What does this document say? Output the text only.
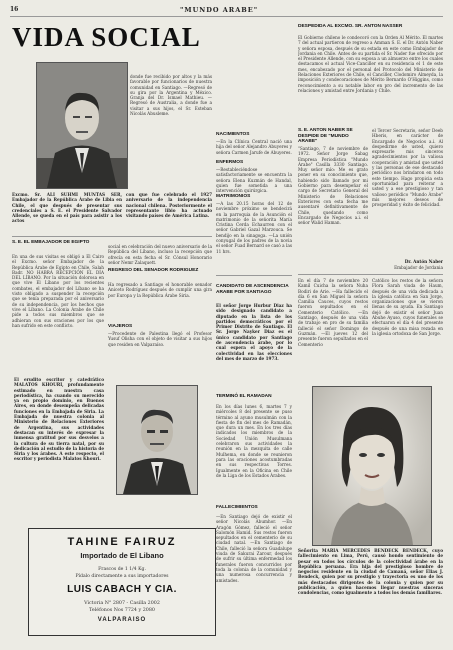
16	"MUNDO ARABE"
VIDA SOCIAL
donde fue recibido por altos y la más favorable por funcionarios de nuestra comunidad en Santiago. —Regresó de su gira por la Argentina y México. Granja del Dr. Ismael Mathieu. —Regresó de Australia, a donde fue a visitar a sus hijos, el Sr. Esteban Nicolás Abusleme.
Excmo. Sr. ALI SUHMI MUNTAS SER, Embajador de la República Árabe de Libia en Chile, el que después de presentar sus credenciales a S. E. el Presidente Salvador Allende, se queda en el país para asistir a los actos
con que fue celebrado el 1927 aniversario de la independencia nacional chilena. Posteriormente el representante libio ha actuado visitando países de América Latina.
S. E. EL EMBAJADOR DE EGIPTO
En una de sus visitas es obligó a El Cairo el Excmo. señor Embajador de la República Árabe de Egipto en Chile, Salah Badr. NO HABRÁ RECEPCIÓN EL DÍA DEL LÍBANO. Por la situación dolorosa en que vive El Líbano por los recientes combates, el embajador del Líbano se ha visto obligado a suspender la recepción que se tenía preparada por el aniversario de su independencia, por los hechos que vive el Líbano. La Colonia Árabe de Chile pide a todos sus miembros que se adhieran con sus oraciones por los que han sufrido en este conflicto.
El erudito escritor y catedrático MALATOS KHOURI, profundamente estimado en nuestra casa periodística, ha cuando su merecido ya en propio dominio, en Buenos Aires, en donde desempeña delicadas funciones en la Embajada de Siria. La Embajada de nuestra colonia al Ministerio de Relaciones Exteriores de Argentina, sus actividades destacan su interés de expresar la inmensa gratitud por sus desvelos a la cultura de su tierra natal, por su dedicación al estudio de la historia de Siria y los árabes. A este respecto, el escritor y periodista Malatos Khouri.
social en celebración del nuevo aniversario de la República del Líbano, incluso la recepción que ofrecía en esta fecha el Sr. Cónsul Honorario señor Nemr Zalaquett.
REGRESO DEL SENADOR RODRIGUEZ
Ha regresado a Santiago el honorable senador Aniceto Rodríguez después de cumplir una gira por Europa y la República Árabe Siria.
VIAJEROS
—Procedente de Palestina llegó el Profesor Yusuf Olisha con el objeto de visitar a sus hijos que residen en Valparaíso.
TAHINE FAIRUZ
Importado de El Libano
Frascos de 1 1/4 Kg.
Pídalo directamente a sus importadores
LUIS CABACH Y CIA.
Victoria N° 2807 - Casilla 2002
Teléfonos Nos 7724 y 2080
VALPARAISO
NACIMIENTOS
—En la Clínica Central nació una hija del señor Alejandro Abuyeres y señora Carmen Jarufe de Abuyeres.
ENFERMOS
—Restableciéndose satisfactoriamente se encuentra la señora Elena Kuzmán de Handal, quien fue sometida a una intervención quirúrgica.
MATRIMONIOS
—A las 20.15 horas del 12 de noviembre próximo se bendecirá en la parroquia de la Asunción el matrimonio de la señorita María Cristina Cerda Echaurren con el señor Gabriel Gazal Marzouca. Se bendijo en la sinagoga. —La unión conyugal de los padres de la novia el señor Fuad Bernard se casó a las 11 hrs.
CANDIDATO DE ASCENDENCIA ARABE POR SANTIAGO
El señor Jorge Hurbur Diaz ha sido designado candidato a diputado en la lista de los partidos democráticos por el Primer Distrito de Santiago. El Sr. Jorge Nayker Diaz es el único candidato por Santiago de ascendencia árabe, por lo cual espera el apoyo de la colectividad en las elecciones del mes de marzo de 1973.
TERMINÓ EL RAMADAN
En los días lunes 6, martes 7 y miércoles 8 del presente se puso término al ayuno musulmán con la fiesta de fin del mes de Ramadán, que dura un mes. En los tres días indicados los miembros de la Sociedad Unión Musulmana celebraron sus actividades la reunión en la mezquita de calle Mulhema, en donde se reunieron para las oraciones acostumbradas en sus respectivas Torres. Igualmente en la Oficina en Chile de la Liga de los Estados Árabes.
FALLECIMIENTOS
—En Santiago dejó de existir el señor Nicolás Abumhor. —En Aragón Gómez, falleció el señor Salomón Hamid. Sus restos fueron sepultados en el cementerio de su ciudad natal. —En Santiago de Chile, falleció la señora Guadalupe viuda de Sakurai Zarour, después de sufrir su última enfermedad los funerales fueron concurridos por toda la colonia de la comunidad y una numerosa concurrencia y amistades.
DESPEDIDA AL EXCMO. SR. ANTON NASSER
El Gobierno chileno le condecoró con la Orden Al Mérito. El martes 7 del actual partieron de regreso a Amman S. E. el Dr. Antón Naber y señora esposa, después de su estada en este como Embajador de Jordania en Chile. Antes de su partida el Sr. Nader fue ofrecido por el Presidente Allende, con su esposa a un almuerzo entre los cuales destacamos el actual Vice-Canciller en su residencia el 1 de este mes, encabezado por el personal del Protocolo del Ministerio de Relaciones Exteriores de Chile, el Canciller, Clodomiro Almeyda, la imposición y condecoraciones de Mérito Bernardo O'Higgins, como reconocimiento a su notable labor en pro del incremento de las relaciones y amistad entre Jordania y Chile.
S. E. ANTON NABER SE DESPIDE DE "MUNDO ARABE"
"Santiago, 7 de noviembre de 1972. Señor Jorge Sabag Empresa Periodística "Mundo Árabe" Casilla 3330 Santiago. Muy señor mío: Me es grato poner en su conocimiento que, habiendo sido llamado por mi Gobierno para desempeñar el cargo de Secretario General del Ministerio de Relaciones Exteriores con esta fecha me ausentaré definitivamente de Chile, quedando como Encargado de Negocios a.i. el señor Walid Haman.
el Tercer Secretario, señor Deeb Hberis, en carácter de Encargado de Negocios a.i. Al despedirme de usted, quiero expresarle mis sinceros agradecimientos por la valiosa cooperación y amistad que usted y las personas de ese destacado periódico nos brindaron en todo este tiempo. Hago propicia esta oportunidad para reiterar a usted y a ese prestigioso y tan valioso periódico "Mundo Árabe" mis mejores deseos de prosperidad y éxito de felicidad.
Dr. Antón Naber
Embajador de Jordania
En el día 7 de noviembre 20 Kamil Cuicha la señora Nuha Bodiri de Arie. —Ha fallecido el día 6 en San Miguel la señora Camilia Cauces, cuyos restos fueron sepultados en el Cementerio Católico. —En Santiago, después de una vida de trabajo en pro de su familia falleció el señor Domingo de Guzmán. —El jueves 12 del presente fueron sepultados en el Cementerio
Católico los restos de la señora Flora Sarah viuda de Haum, después de una vida dedicada a la iglesia católica en San Jorge, organizaciones que se vieron llenas de su ayuda. En Santiago dejó de existir el señor Juan Abuhe Ayuso, cuyos funerales se efectuaron el día 4 del presente después de una misa rezada en la iglesia ortodoxa de San Jorge.
Señorita MARIA MERCEDES BENDECK BENDECK, cuyo fallecimiento en Lima, Perú, causó hondo sentimiento de pesar en todos los círculos de la colectividad árabe en la República peruana. Era hija del prestigioso hombre de negocios residente en la ciudad de Camaná, señor Elias J. Bendeck, quien por su prestigio y trayectoria es uno de los más destacados dirigentes de la colonia y quien por su publicación, a quien hacemos llegar nuestras sinceras condolencias, como igualmente a todos los demás familiares.
